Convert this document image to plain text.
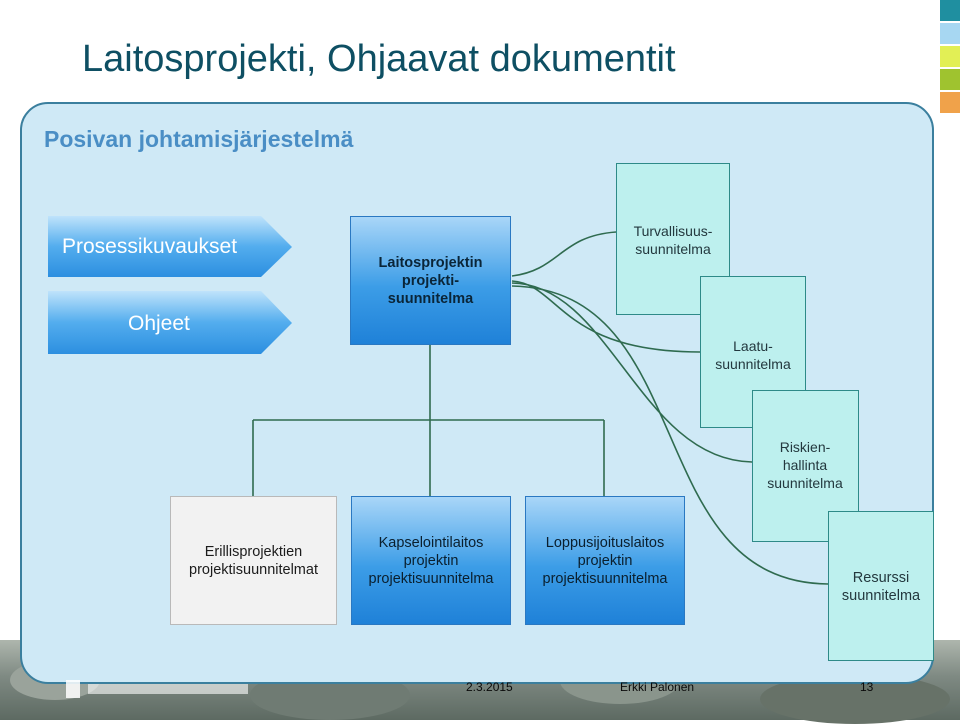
Laitosprojekti, Ohjaavat dokumentit
Posivan johtamisjärjestelmä
Prosessikuvaukset
Ohjeet
Laitosprojektin
projekti-
suunnitelma
Turvallisuus-
suunnitelma
Laatu-
suunnitelma
Riskien-
hallinta
suunnitelma
Resurssi
suunnitelma
Erillisprojektien
projektisuunnitelmat
Kapselointilaitos
projektin
projektisuunnitelma
Loppusijoituslaitos
projektin
projektisuunnitelma
2.3.2015	Erkki Palonen	13
